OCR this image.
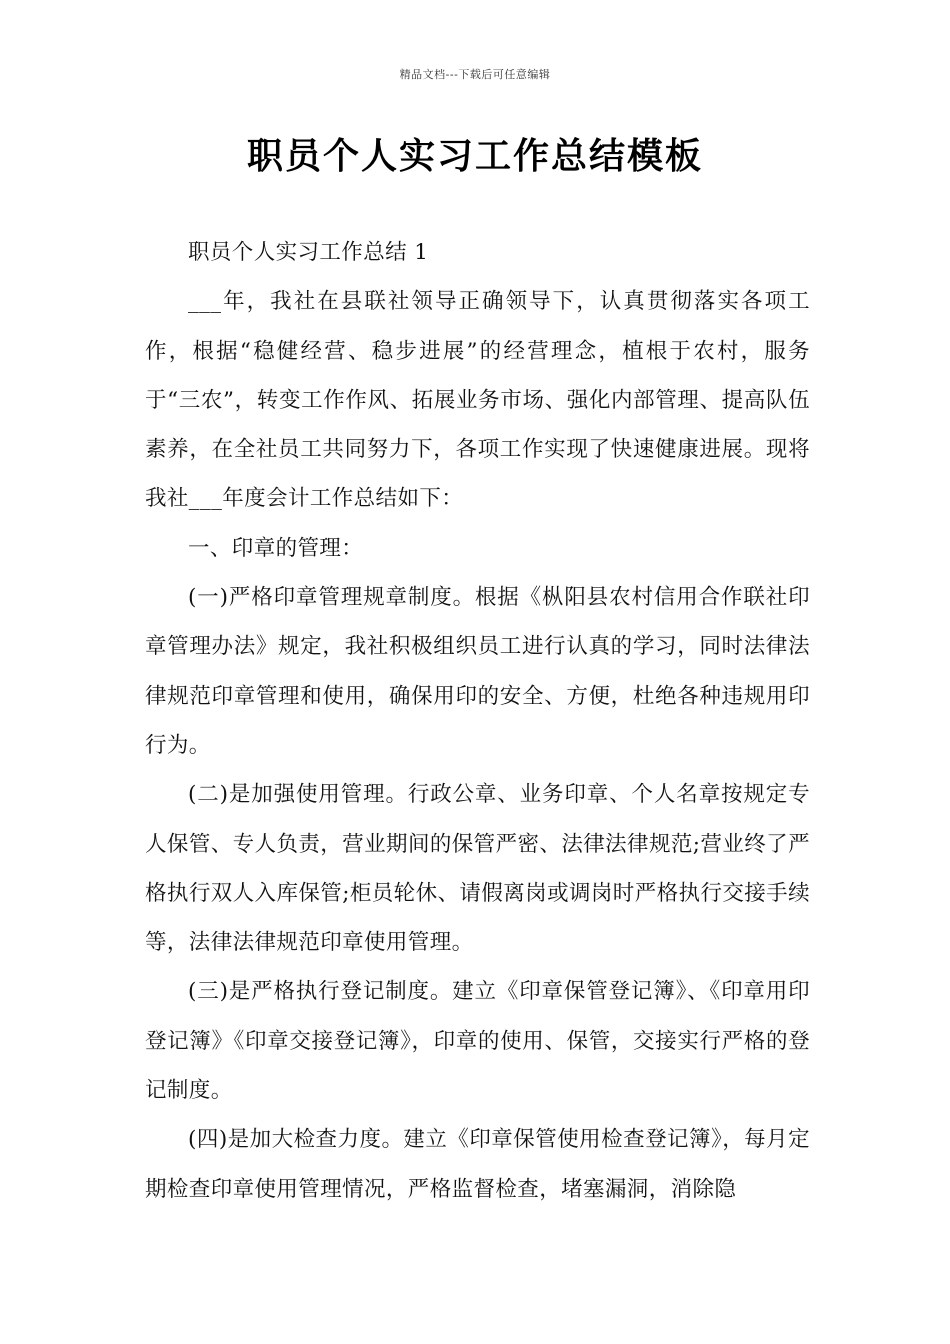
精品文档---下载后可任意编辑
职员个人实习工作总结模板

职员个人实习工作总结 1

___年，我社在县联社领导正确领导下，认真贯彻落实各项工作，根据“稳健经营、稳步进展”的经营理念，植根于农村，服务于“三农”，转变工作作风、拓展业务市场、强化内部管理、提高队伍素养，在全社员工共同努力下，各项工作实现了快速健康进展。现将我社___年度会计工作总结如下：

一、印章的管理：

(一)严格印章管理规章制度。根据《枞阳县农村信用合作联社印章管理办法》规定，我社积极组织员工进行认真的学习，同时法律法律规范印章管理和使用，确保用印的安全、方便，杜绝各种违规用印行为。

(二)是加强使用管理。行政公章、业务印章、个人名章按规定专人保管、专人负责，营业期间的保管严密、法律法律规范;营业终了严格执行双人入库保管;柜员轮休、请假离岗或调岗时严格执行交接手续等，法律法律规范印章使用管理。

(三)是严格执行登记制度。建立《印章保管登记簿》、《印章用印登记簿》《印章交接登记簿》，印章的使用、保管，交接实行严格的登记制度。

(四)是加大检查力度。建立《印章保管使用检查登记簿》，每月定期检查印章使用管理情况，严格监督检查，堵塞漏洞，消除隐
